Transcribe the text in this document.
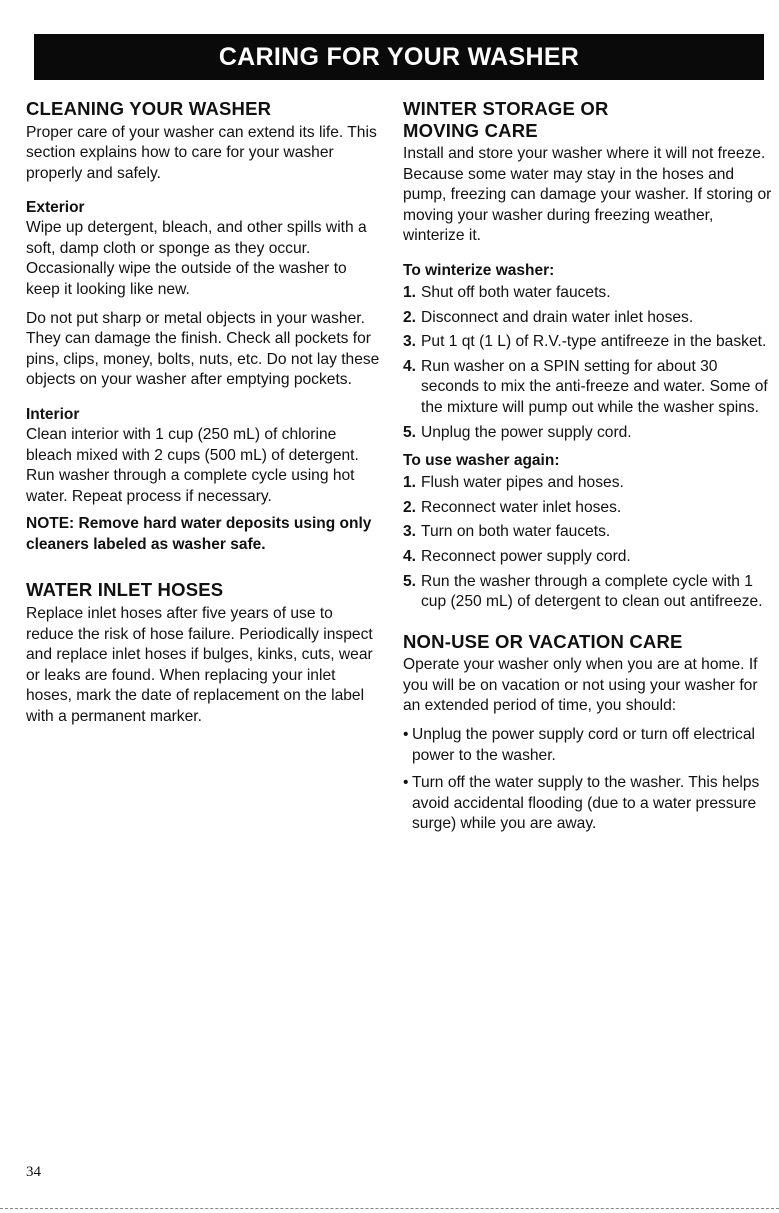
CARING FOR YOUR WASHER
CLEANING YOUR WASHER

Proper care of your washer can extend its life. This section explains how to care for your washer properly and safely.

Exterior

Wipe up detergent, bleach, and other spills with a soft, damp cloth or sponge as they occur. Occasionally wipe the outside of the washer to keep it looking like new.

Do not put sharp or metal objects in your washer. They can damage the finish. Check all pockets for pins, clips, money, bolts, nuts, etc. Do not lay these objects on your washer after emptying pockets.

Interior

Clean interior with 1 cup (250 mL) of chlorine bleach mixed with 2 cups (500 mL) of detergent. Run washer through a complete cycle using hot water. Repeat process if necessary.

NOTE: Remove hard water deposits using only cleaners labeled as washer safe.

WATER INLET HOSES

Replace inlet hoses after five years of use to reduce the risk of hose failure. Periodically inspect and replace inlet hoses if bulges, kinks, cuts, wear or leaks are found. When replacing your inlet hoses, mark the date of replacement on the label with a permanent marker.

WINTER STORAGE OR
MOVING CARE

Install and store your washer where it will not freeze. Because some water may stay in the hoses and pump, freezing can damage your washer. If storing or moving your washer during freezing weather, winterize it.

To winterize washer:
1. Shut off both water faucets.
2. Disconnect and drain water inlet hoses.
3. Put 1 qt (1 L) of R.V.-type antifreeze in the basket.
4. Run washer on a SPIN setting for about 30 seconds to mix the anti-freeze and water. Some of the mixture will pump out while the washer spins.
5. Unplug the power supply cord.
To use washer again:
1. Flush water pipes and hoses.
2. Reconnect water inlet hoses.
3. Turn on both water faucets.
4. Reconnect power supply cord.
5. Run the washer through a complete cycle with 1 cup (250 mL) of detergent to clean out antifreeze.
NON-USE OR VACATION CARE

Operate your washer only when you are at home. If you will be on vacation or not using your washer for an extended period of time, you should:

• Unplug the power supply cord or turn off electrical power to the washer.
• Turn off the water supply to the washer. This helps avoid accidental flooding (due to a water pressure surge) while you are away.
34
